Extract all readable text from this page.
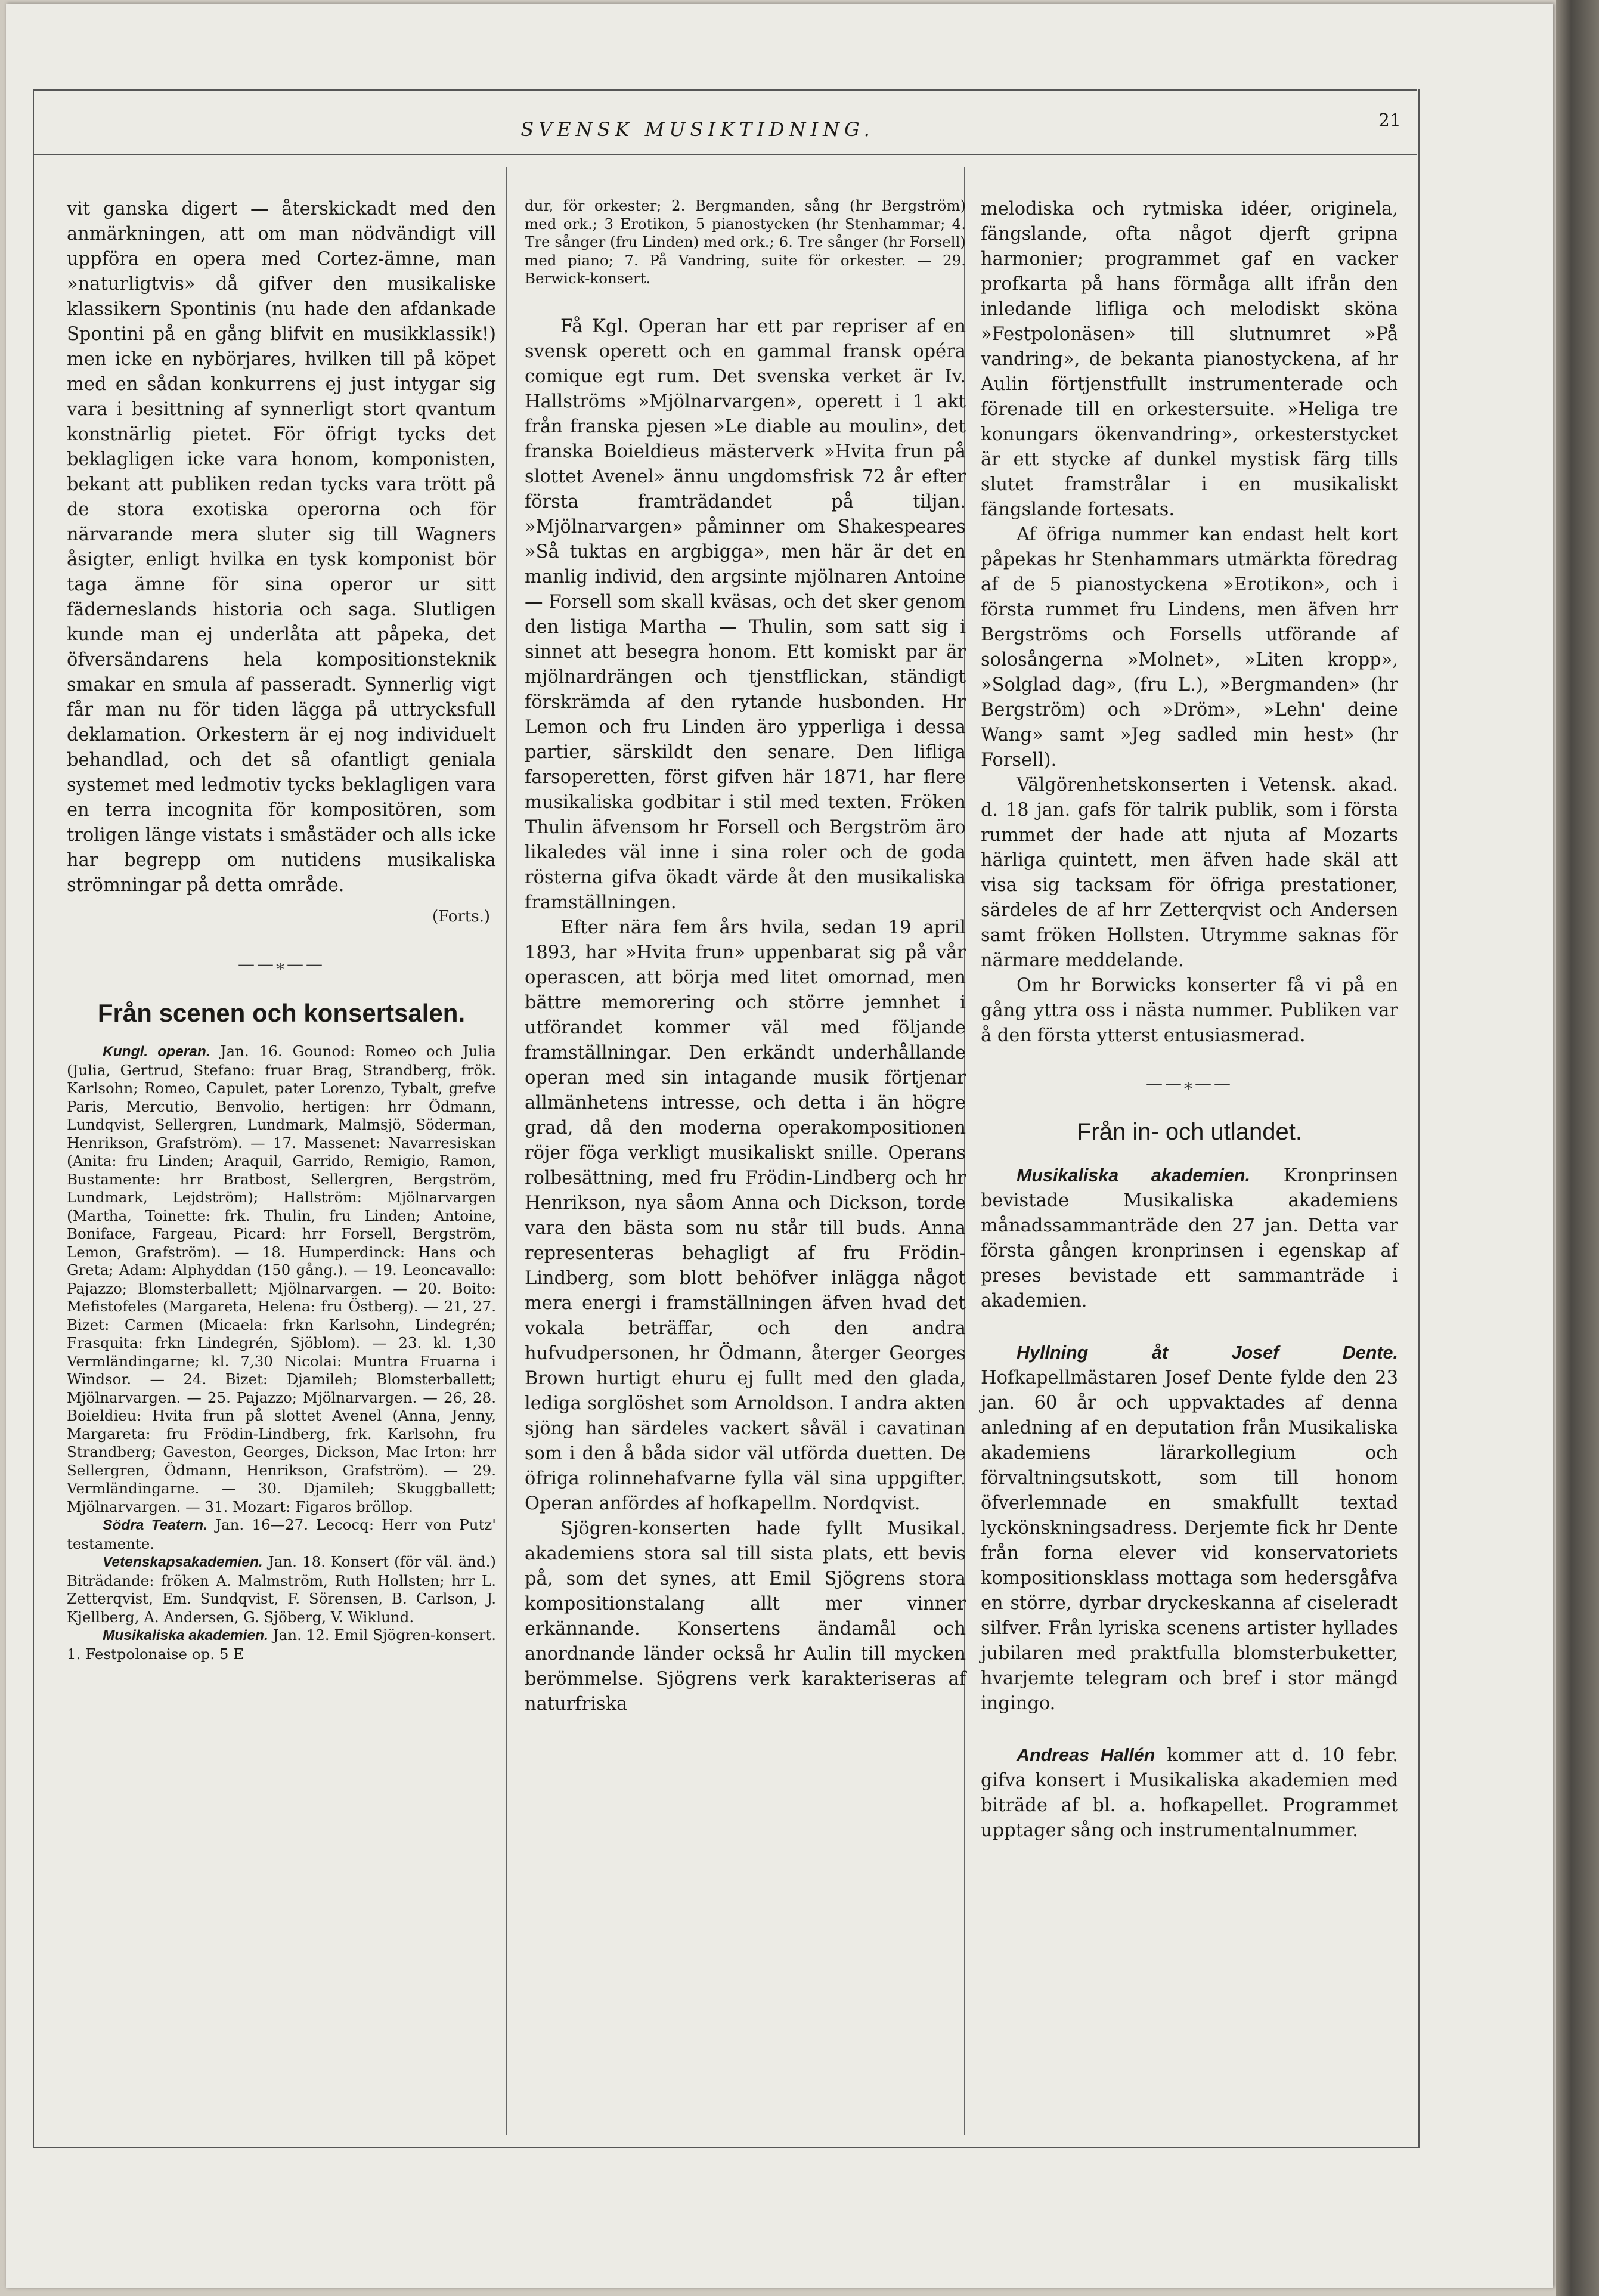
SVENSK MUSIKTIDNING.	21

vit ganska digert — återskickadt med den anmärkningen, att om man nödvändigt vill uppföra en opera med Cortez-ämne, man »naturligtvis» då gifver den musikaliske klassikern Spontinis (nu hade den afdankade Spontini på en gång blifvit en musikklassik!) men icke en nybörjares, hvilken till på köpet med en sådan konkurrens ej just intygar sig vara i besittning af synnerligt stort qvantum konstnärlig pietet. För öfrigt tycks det beklagligen icke vara honom, komponisten, bekant att publiken redan tycks vara trött på de stora exotiska operorna och för närvarande mera sluter sig till Wagners åsigter, enligt hvilka en tysk komponist bör taga ämne för sina operor ur sitt fäderneslands historia och saga. Slutligen kunde man ej underlåta att påpeka, det öfversändarens hela kompositionsteknik smakar en smula af passeradt. Synnerlig vigt får man nu för tiden lägga på uttrycksfull deklamation. Orkestern är ej nog individuelt behandlad, och det så ofantligt geniala systemet med ledmotiv tycks beklagligen vara en terra incognita för kompositören, som troligen länge vistats i småstäder och alls icke har begrepp om nutidens musikaliska strömningar på detta område.

(Forts.)
——⁎——
Från scenen och konsertsalen.

Kungl. operan. Jan. 16. Gounod: Romeo och Julia (Julia, Gertrud, Stefano: fruar Brag, Strandberg, frök. Karlsohn; Romeo, Capulet, pater Lorenzo, Tybalt, grefve Paris, Mercutio, Benvolio, hertigen: hrr Ödmann, Lundqvist, Sellergren, Lundmark, Malmsjö, Söderman, Henrikson, Grafström). — 17. Massenet: Navarresiskan (Anita: fru Linden; Araquil, Garrido, Remigio, Ramon, Bustamente: hrr Bratbost, Sellergren, Bergström, Lundmark, Lejdström); Hallström: Mjölnarvargen (Martha, Toinette: frk. Thulin, fru Linden; Antoine, Boniface, Fargeau, Picard: hrr Forsell, Bergström, Lemon, Grafström). — 18. Humperdinck: Hans och Greta; Adam: Alphyddan (150 gång.). — 19. Leoncavallo: Pajazzo; Blomsterballett; Mjölnarvargen. — 20. Boito: Mefistofeles (Margareta, Helena: fru Östberg). — 21, 27. Bizet: Carmen (Micaela: frkn Karlsohn, Lindegrén; Frasquita: frkn Lindegrén, Sjöblom). — 23. kl. 1,30 Vermländingarne; kl. 7,30 Nicolai: Muntra Fruarna i Windsor. — 24. Bizet: Djamileh; Blomsterballett; Mjölnarvargen. — 25. Pajazzo; Mjölnarvargen. — 26, 28. Boieldieu: Hvita frun på slottet Avenel (Anna, Jenny, Margareta: fru Frödin-Lindberg, frk. Karlsohn, fru Strandberg; Gaveston, Georges, Dickson, Mac Irton: hrr Sellergren, Ödmann, Henrikson, Grafström). — 29. Vermländingarne. — 30. Djamileh; Skuggballett; Mjölnarvargen. — 31. Mozart: Figaros bröllop.

Södra Teatern. Jan. 16—27. Lecocq: Herr von Putz' testamente.

Vetenskapsakademien. Jan. 18. Konsert (för väl. änd.) Biträdande: fröken A. Malmström, Ruth Hollsten; hrr L. Zetterqvist, Em. Sundqvist, F. Sörensen, B. Carlson, J. Kjellberg, A. Andersen, G. Sjöberg, V. Wiklund.

Musikaliska akademien. Jan. 12. Emil Sjögren-konsert. 1. Festpolonaise op. 5 E

dur, för orkester; 2. Bergmanden, sång (hr Bergström) med ork.; 3 Erotikon, 5 pianostycken (hr Stenhammar; 4. Tre sånger (fru Linden) med ork.; 6. Tre sånger (hr Forsell) med piano; 7. På Vandring, suite för orkester. — 29. Berwick-konsert.

Få Kgl. Operan har ett par repriser af en svensk operett och en gammal fransk opéra comique egt rum. Det svenska verket är Iv. Hallströms »Mjölnarvargen», operett i 1 akt från franska pjesen »Le diable au moulin», det franska Boieldieus mästerverk »Hvita frun på slottet Avenel» ännu ungdomsfrisk 72 år efter första framträdandet på tiljan. »Mjölnarvargen» påminner om Shakespeares »Så tuktas en argbigga», men här är det en manlig individ, den argsinte mjölnaren Antoine — Forsell som skall kväsas, och det sker genom den listiga Martha — Thulin, som satt sig i sinnet att besegra honom. Ett komiskt par är mjölnardrängen och tjenstflickan, ständigt förskrämda af den rytande husbonden. Hr Lemon och fru Linden äro ypperliga i dessa partier, särskildt den senare. Den lifliga farsoperetten, först gifven här 1871, har flere musikaliska godbitar i stil med texten. Fröken Thulin äfvensom hr Forsell och Bergström äro likaledes väl inne i sina roler och de goda rösterna gifva ökadt värde åt den musikaliska framställningen.

Efter nära fem års hvila, sedan 19 april 1893, har »Hvita frun» uppenbarat sig på vår operascen, att börja med litet omornad, men bättre memorering och större jemnhet i utförandet kommer väl med följande framställningar. Den erkändt underhållande operan med sin intagande musik förtjenar allmänhetens intresse, och detta i än högre grad, då den moderna operakompositionen röjer föga verkligt musikaliskt snille. Operans rolbesättning, med fru Frödin-Lindberg och hr Henrikson, nya såom Anna och Dickson, torde vara den bästa som nu står till buds. Anna representeras behagligt af fru Frödin-Lindberg, som blott behöfver inlägga något mera energi i framställningen äfven hvad det vokala beträffar, och den andra hufvudpersonen, hr Ödmann, återger Georges Brown hurtigt ehuru ej fullt med den glada, lediga sorglöshet som Arnoldson. I andra akten sjöng han särdeles vackert såväl i cavatinan som i den å båda sidor väl utförda duetten. De öfriga rolinnehafvarne fylla väl sina uppgifter. Operan anfördes af hofkapellm. Nordqvist.

Sjögren-konserten hade fyllt Musikal. akademiens stora sal till sista plats, ett bevis på, som det synes, att Emil Sjögrens stora kompositionstalang allt mer vinner erkännande. Konsertens ändamål och anordnande länder också hr Aulin till mycken berömmelse. Sjögrens verk karakteriseras af naturfriska

melodiska och rytmiska idéer, originela, fängslande, ofta något djerft gripna harmonier; programmet gaf en vacker profkarta på hans förmåga allt ifrån den inledande lifliga och melodiskt sköna »Festpolonäsen» till slutnumret »På vandring», de bekanta pianostyckena, af hr Aulin förtjenstfullt instrumenterade och förenade till en orkestersuite. »Heliga tre konungars ökenvandring», orkesterstycket är ett stycke af dunkel mystisk färg tills slutet framstrålar i en musikaliskt fängslande fortesats.

Af öfriga nummer kan endast helt kort påpekas hr Stenhammars utmärkta föredrag af de 5 pianostyckena »Erotikon», och i första rummet fru Lindens, men äfven hrr Bergströms och Forsells utförande af solosångerna »Molnet», »Liten kropp», »Solglad dag», (fru L.), »Bergmanden» (hr Bergström) och »Dröm», »Lehn' deine Wang» samt »Jeg sadled min hest» (hr Forsell).

Välgörenhetskonserten i Vetensk. akad. d. 18 jan. gafs för talrik publik, som i första rummet der hade att njuta af Mozarts härliga quintett, men äfven hade skäl att visa sig tacksam för öfriga prestationer, särdeles de af hrr Zetterqvist och Andersen samt fröken Hollsten. Utrymme saknas för närmare meddelande.

Om hr Borwicks konserter få vi på en gång yttra oss i nästa nummer. Publiken var å den första ytterst entusiasmerad.

——⁎——
Från in- och utlandet.

Musikaliska akademien. Kronprinsen bevistade Musikaliska akademiens månadssammanträde den 27 jan. Detta var första gången kronprinsen i egenskap af preses bevistade ett sammanträde i akademien.

Hyllning åt Josef Dente. Hofkapellmästaren Josef Dente fylde den 23 jan. 60 år och uppvaktades af denna anledning af en deputation från Musikaliska akademiens lärarkollegium och förvaltningsutskott, som till honom öfverlemnade en smakfullt textad lyckönskningsadress. Derjemte fick hr Dente från forna elever vid konservatoriets kompositionsklass mottaga som hedersgåfva en större, dyrbar dryckeskanna af ciseleradt silfver. Från lyriska scenens artister hyllades jubilaren med praktfulla blomsterbuketter, hvarjemte telegram och bref i stor mängd ingingo.

Andreas Hallén kommer att d. 10 febr. gifva konsert i Musikaliska akademien med biträde af bl. a. hofkapellet. Programmet upptager sång och instrumentalnummer.
